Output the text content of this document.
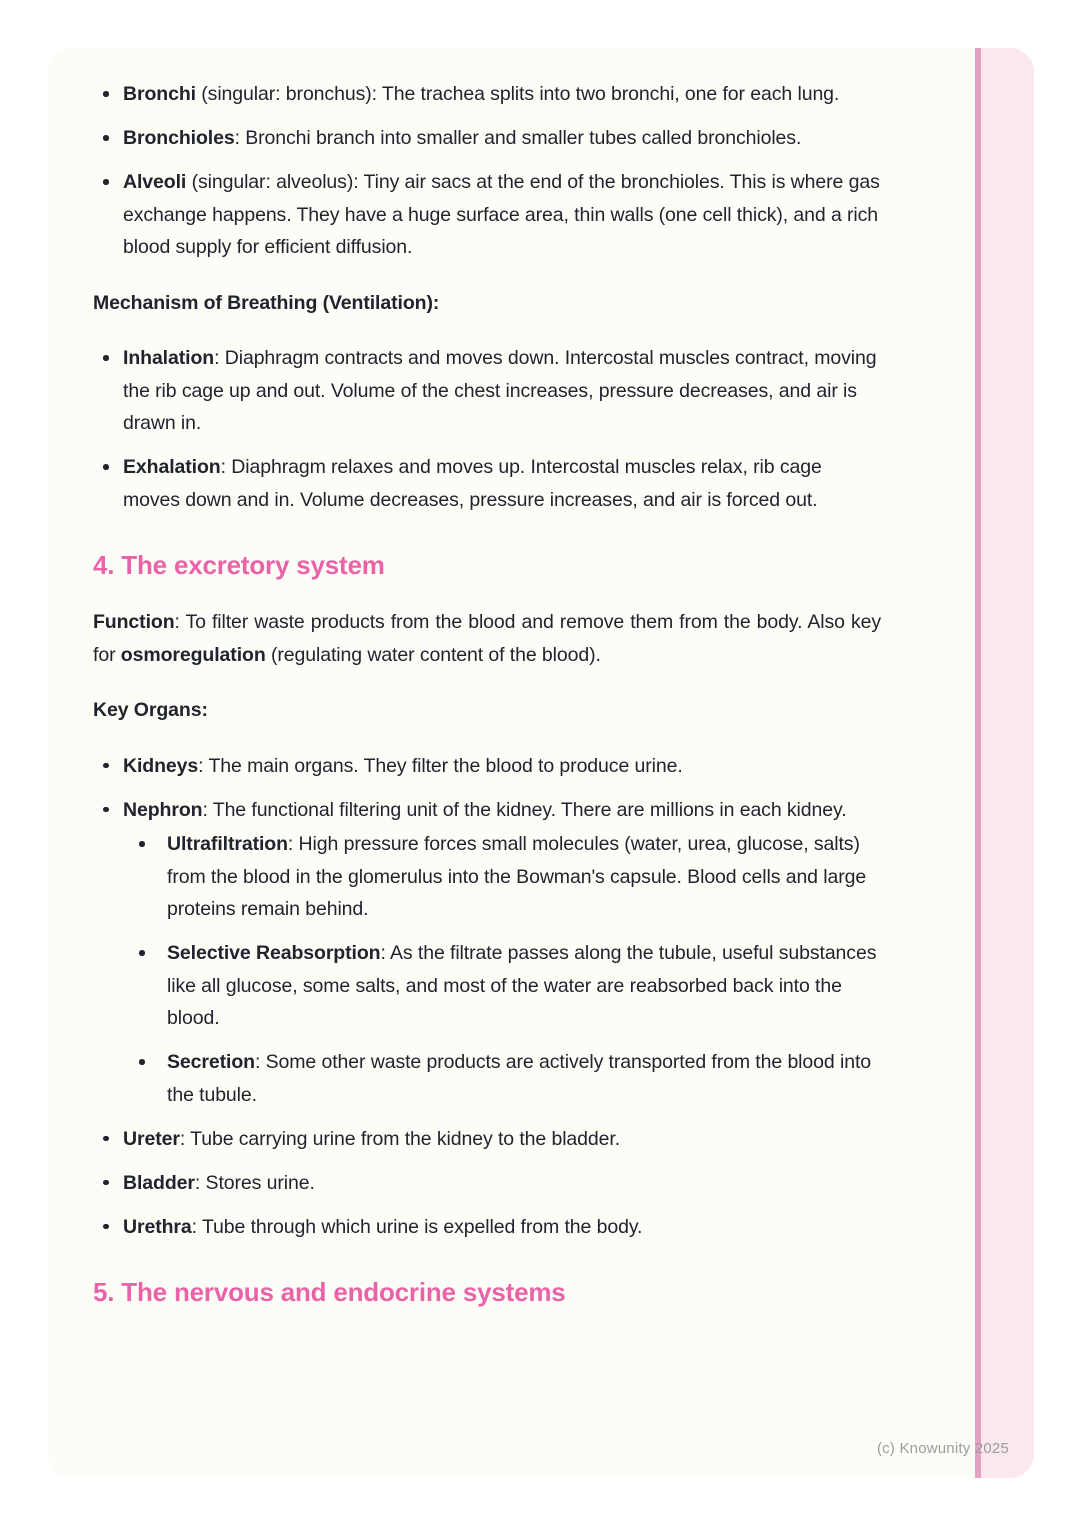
Bronchi (singular: bronchus): The trachea splits into two bronchi, one for each lung.
Bronchioles: Bronchi branch into smaller and smaller tubes called bronchioles.
Alveoli (singular: alveolus): Tiny air sacs at the end of the bronchioles. This is where gas exchange happens. They have a huge surface area, thin walls (one cell thick), and a rich blood supply for efficient diffusion.

Mechanism of Breathing (Ventilation):

Inhalation: Diaphragm contracts and moves down. Intercostal muscles contract, moving the rib cage up and out. Volume of the chest increases, pressure decreases, and air is drawn in.
Exhalation: Diaphragm relaxes and moves up. Intercostal muscles relax, rib cage moves down and in. Volume decreases, pressure increases, and air is forced out.
4. The excretory system

Function: To filter waste products from the blood and remove them from the body. Also key for osmoregulation (regulating water content of the blood).

Key Organs:

Kidneys: The main organs. They filter the blood to produce urine.
Nephron: The functional filtering unit of the kidney. There are millions in each kidney.
Ultrafiltration: High pressure forces small molecules (water, urea, glucose, salts) from the blood in the glomerulus into the Bowman's capsule. Blood cells and large proteins remain behind.
Selective Reabsorption: As the filtrate passes along the tubule, useful substances like all glucose, some salts, and most of the water are reabsorbed back into the blood.
Secretion: Some other waste products are actively transported from the blood into the tubule.
Ureter: Tube carrying urine from the kidney to the bladder.
Bladder: Stores urine.
Urethra: Tube through which urine is expelled from the body.
5. The nervous and endocrine systems
(c) Knowunity 2025
